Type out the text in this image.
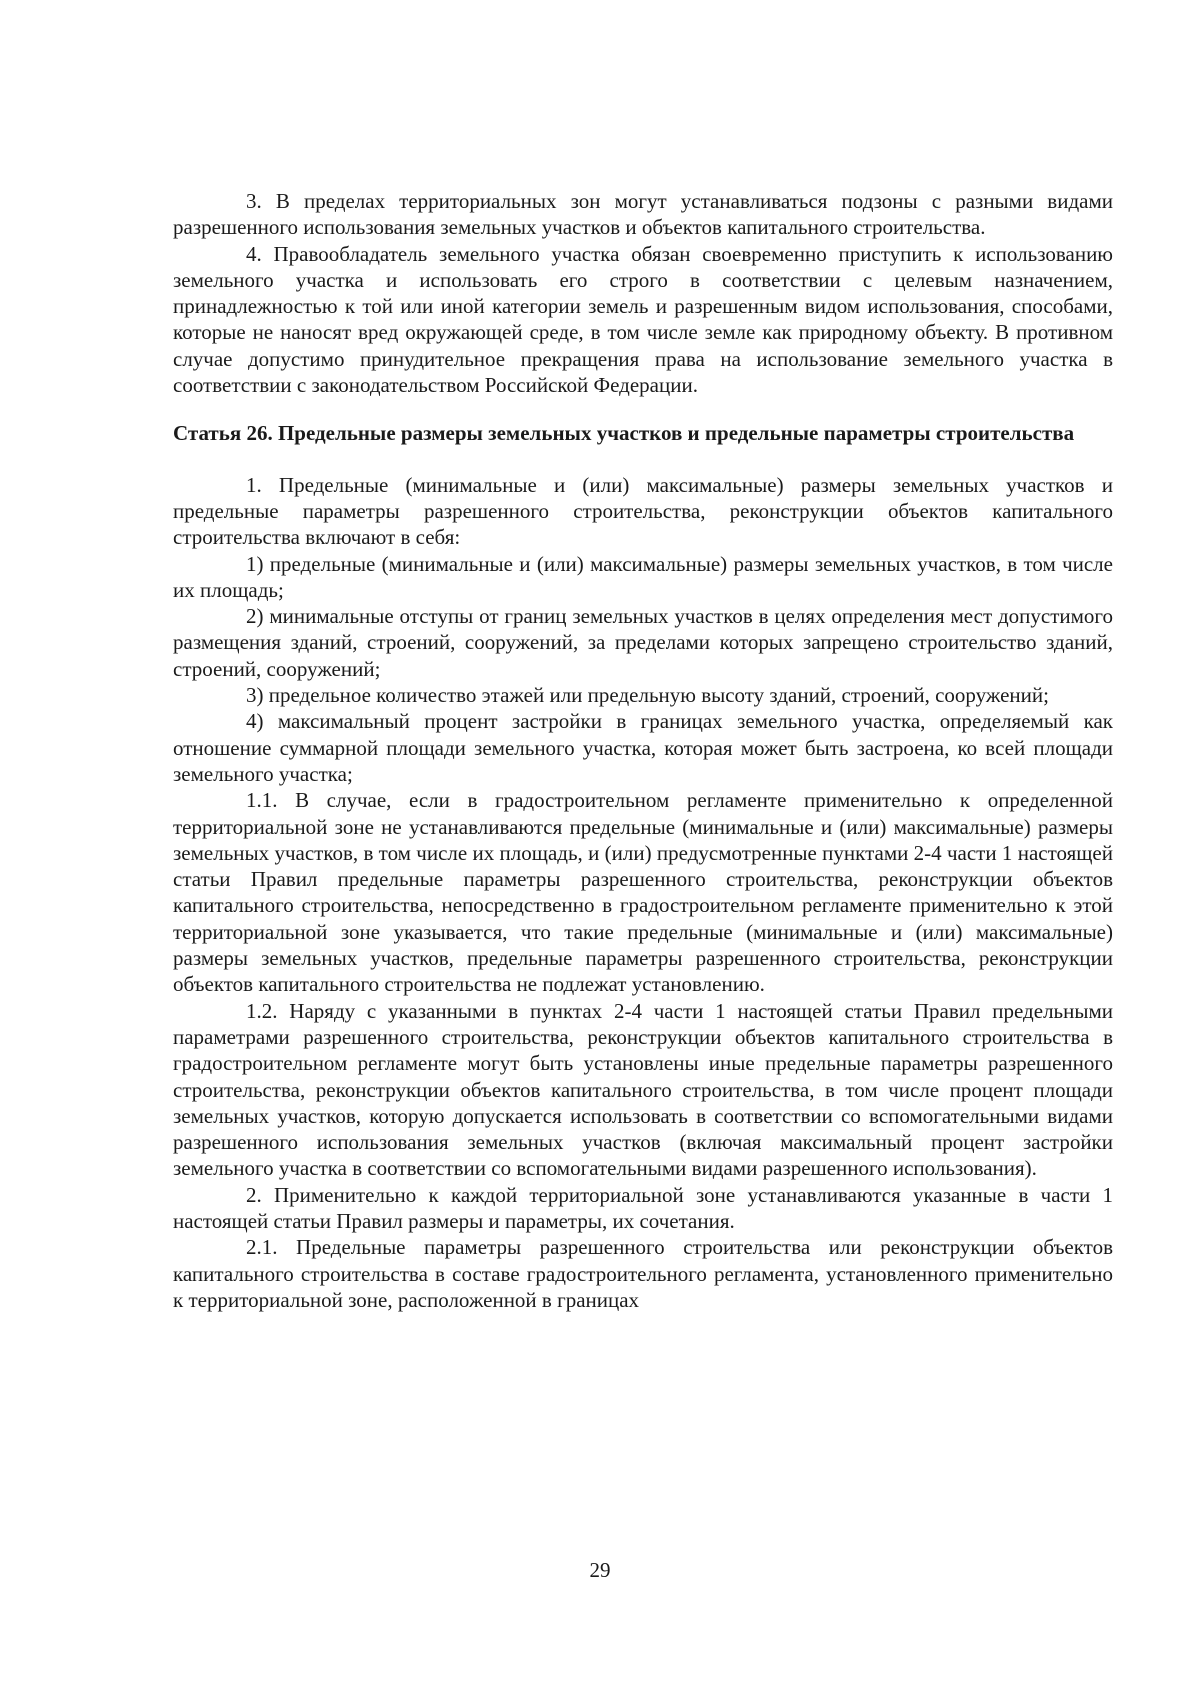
3. В пределах территориальных зон могут устанавливаться подзоны с разными видами разрешенного использования земельных участков и объектов капитального строительства.

4. Правообладатель земельного участка обязан своевременно приступить к использованию земельного участка и использовать его строго в соответствии с целевым назначением, принадлежностью к той или иной категории земель и разрешенным видом использования, способами, которые не наносят вред окружающей среде, в том числе земле как природному объекту. В противном случае допустимо принудительное прекращения права на использование земельного участка в соответствии с законодательством Российской Федерации.

Статья 26. Предельные размеры земельных участков и предельные параметры строительства

1. Предельные (минимальные и (или) максимальные) размеры земельных участков и предельные параметры разрешенного строительства, реконструкции объектов капитального строительства включают в себя:

1) предельные (минимальные и (или) максимальные) размеры земельных участков, в том числе их площадь;

2) минимальные отступы от границ земельных участков в целях определения мест допустимого размещения зданий, строений, сооружений, за пределами которых запрещено строительство зданий, строений, сооружений;

3) предельное количество этажей или предельную высоту зданий, строений, сооружений;

4) максимальный процент застройки в границах земельного участка, определяемый как отношение суммарной площади земельного участка, которая может быть застроена, ко всей площади земельного участка;

1.1. В случае, если в градостроительном регламенте применительно к определенной территориальной зоне не устанавливаются предельные (минимальные и (или) максимальные) размеры земельных участков, в том числе их площадь, и (или) предусмотренные пунктами 2-4 части 1 настоящей статьи Правил предельные параметры разрешенного строительства, реконструкции объектов капитального строительства, непосредственно в градостроительном регламенте применительно к этой территориальной зоне указывается, что такие предельные (минимальные и (или) максимальные) размеры земельных участков, предельные параметры разрешенного строительства, реконструкции объектов капитального строительства не подлежат установлению.

1.2. Наряду с указанными в пунктах 2-4 части 1 настоящей статьи Правил предельными параметрами разрешенного строительства, реконструкции объектов капитального строительства в градостроительном регламенте могут быть установлены иные предельные параметры разрешенного строительства, реконструкции объектов капитального строительства, в том числе процент площади земельных участков, которую допускается использовать в соответствии со вспомогательными видами разрешенного использования земельных участков (включая максимальный процент застройки земельного участка в соответствии со вспомогательными видами разрешенного использования).

2. Применительно к каждой территориальной зоне устанавливаются указанные в части 1 настоящей статьи Правил размеры и параметры, их сочетания.

2.1. Предельные параметры разрешенного строительства или реконструкции объектов капитального строительства в составе градостроительного регламента, установленного применительно к территориальной зоне, расположенной в границах

29
